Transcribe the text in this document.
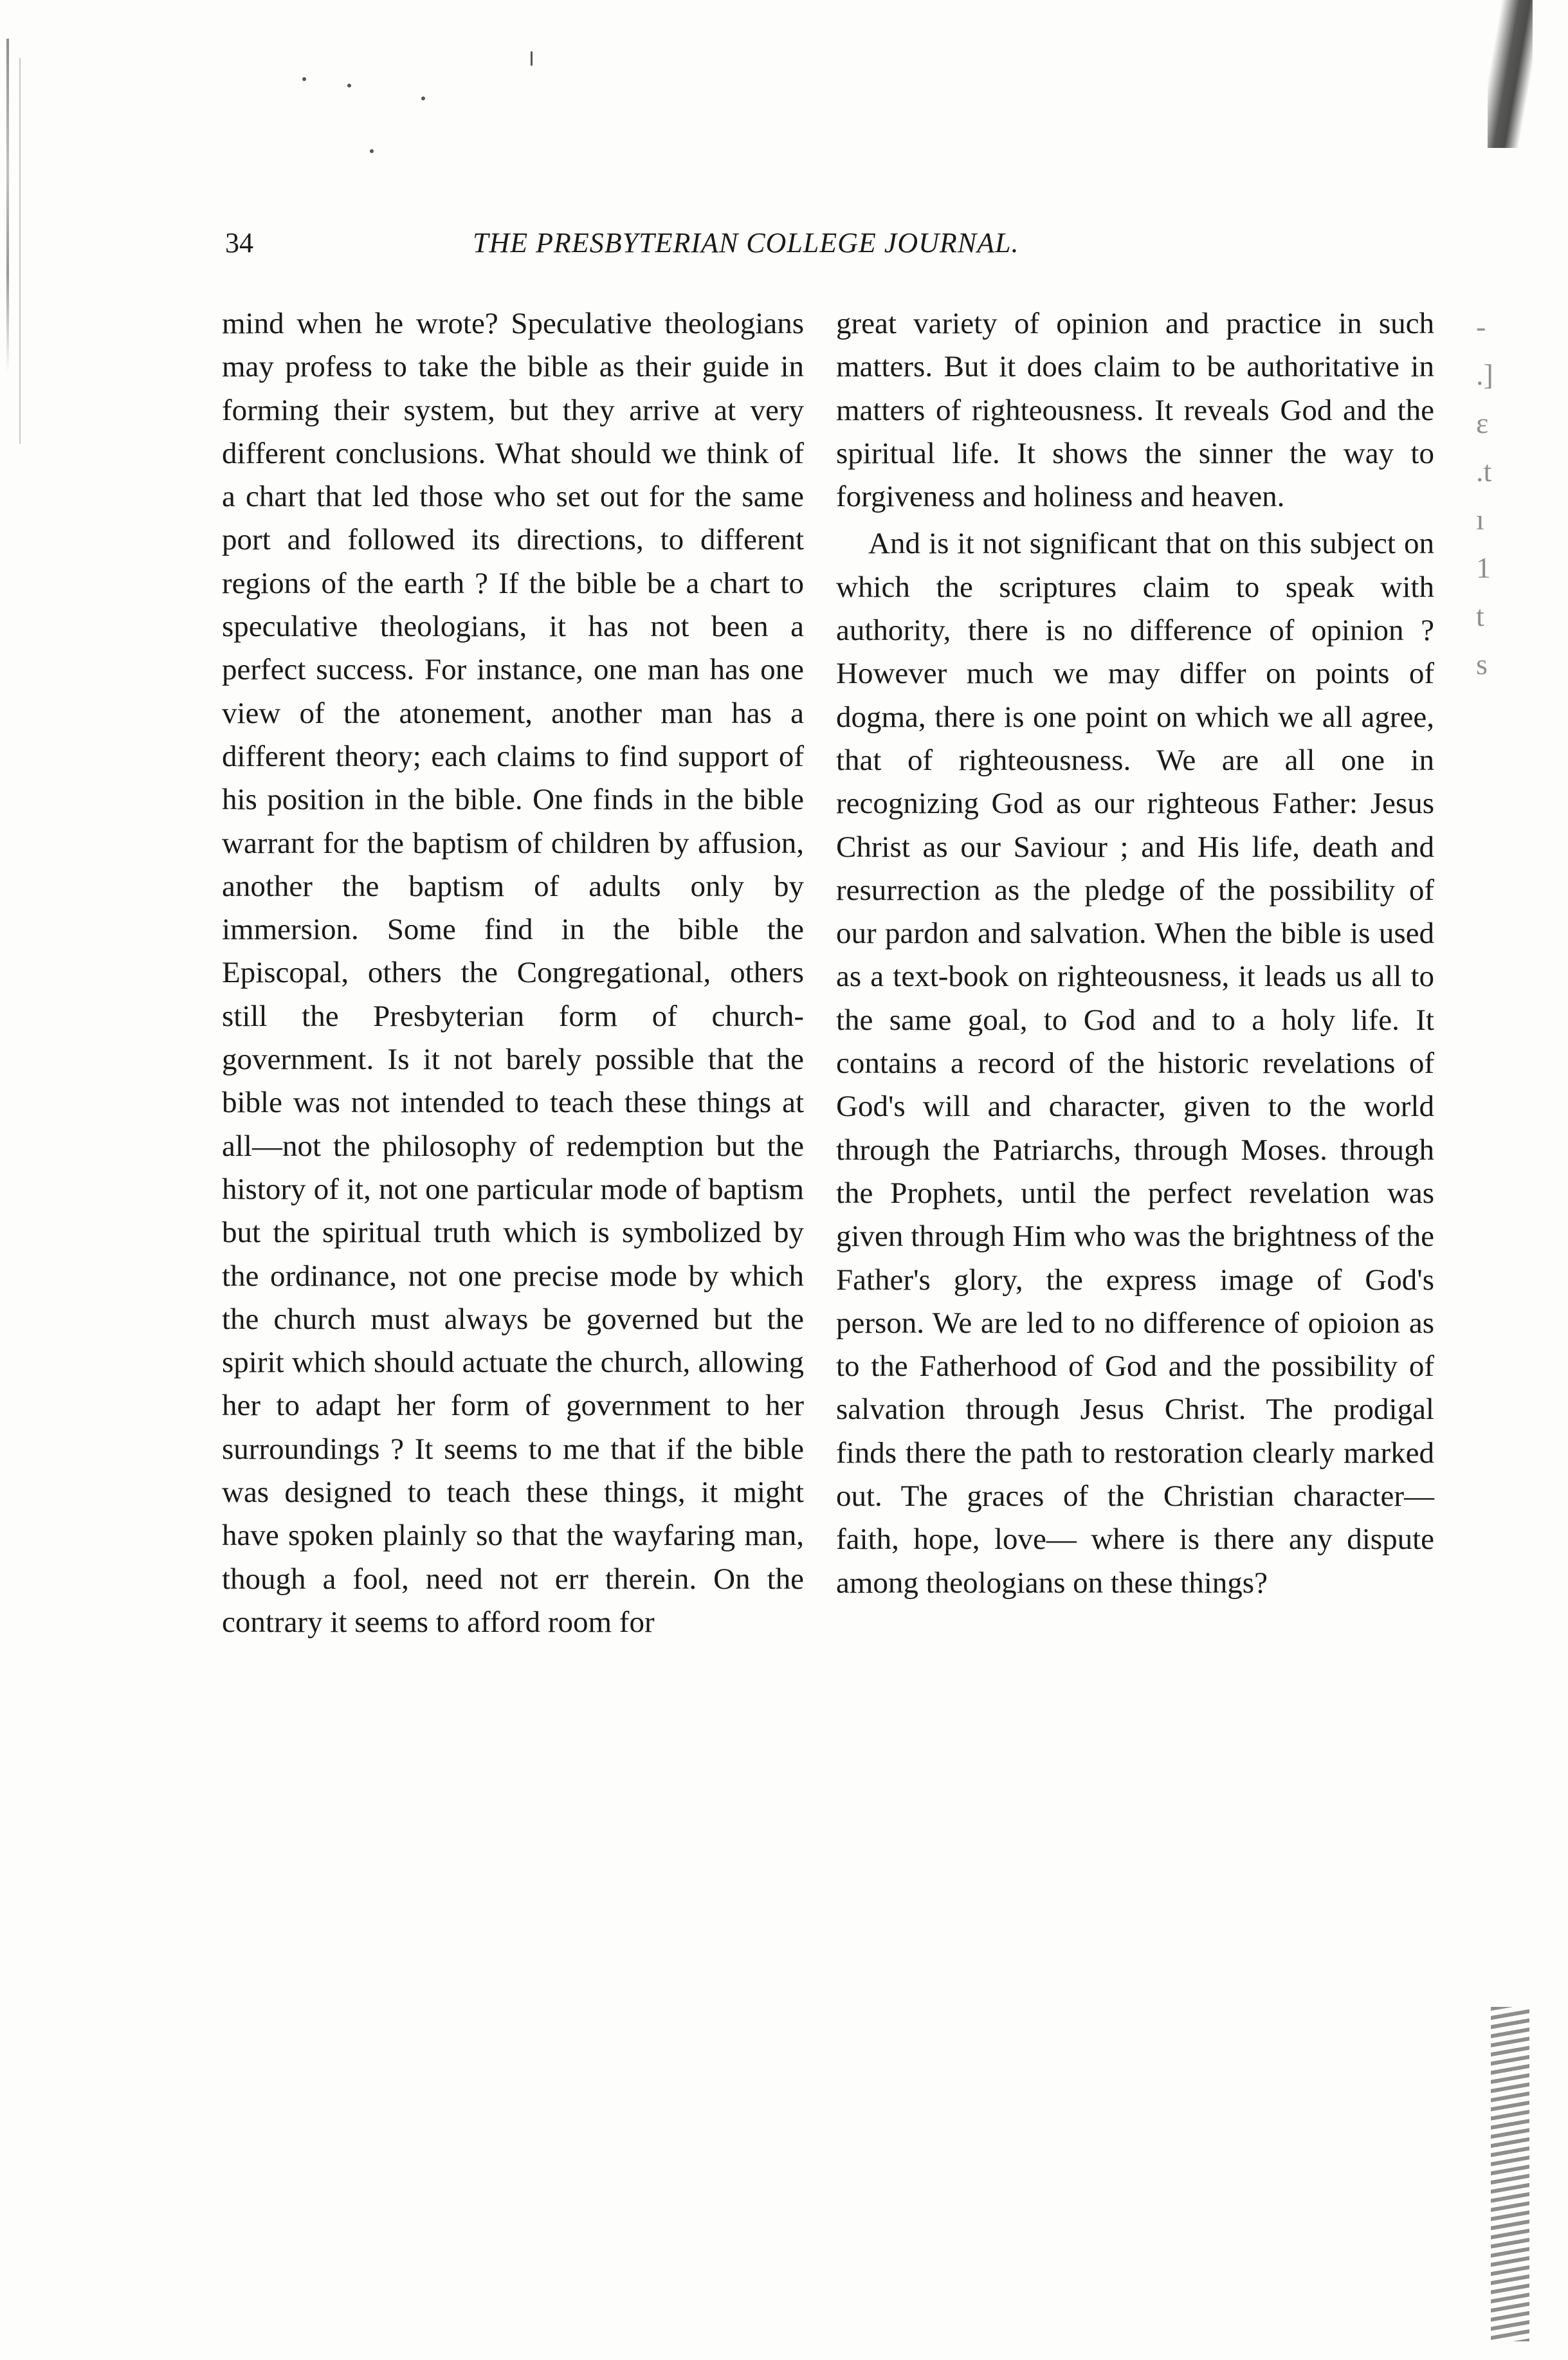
-
.]
ɛ
.t
ı
1
t
s
34	THE PRESBYTERIAN COLLEGE JOURNAL.

mind when he wrote? Speculative theologians may profess to take the bible as their guide in forming their system, but they arrive at very different conclusions. What should we think of a chart that led those who set out for the same port and followed its directions, to different regions of the earth ? If the bible be a chart to speculative theologians, it has not been a perfect success. For instance, one man has one view of the atonement, another man has a different theory; each claims to find support of his position in the bible. One finds in the bible warrant for the baptism of children by affusion, another the baptism of adults only by immersion. Some find in the bible the Episcopal, others the Congregational, others still the Presbyterian form of church-government. Is it not barely possible that the bible was not intended to teach these things at all—not the philosophy of redemption but the history of it, not one particular mode of baptism but the spiritual truth which is symbolized by the ordinance, not one precise mode by which the church must always be governed but the spirit which should actuate the church, allowing her to adapt her form of government to her surroundings ? It seems to me that if the bible was designed to teach these things, it might have spoken plainly so that the wayfaring man, though a fool, need not err therein. On the contrary it seems to afford room for

great variety of opinion and practice in such matters. But it does claim to be authoritative in matters of righteousness. It reveals God and the spiritual life. It shows the sinner the way to forgiveness and holiness and heaven.

And is it not significant that on this subject on which the scriptures claim to speak with authority, there is no difference of opinion ? However much we may differ on points of dogma, there is one point on which we all agree, that of righteousness. We are all one in recognizing God as our righteous Father: Jesus Christ as our Saviour ; and His life, death and resurrection as the pledge of the possibility of our pardon and salvation. When the bible is used as a text-book on righteousness, it leads us all to the same goal, to God and to a holy life. It contains a record of the historic revelations of God's will and character, given to the world through the Patriarchs, through Moses. through the Prophets, until the perfect revelation was given through Him who was the brightness of the Father's glory, the express image of God's person. We are led to no difference of opioion as to the Fatherhood of God and the possibility of salvation through Jesus Christ. The prodigal finds there the path to restoration clearly marked out. The graces of the Christian character— faith, hope, love— where is there any dispute among theologians on these things?
